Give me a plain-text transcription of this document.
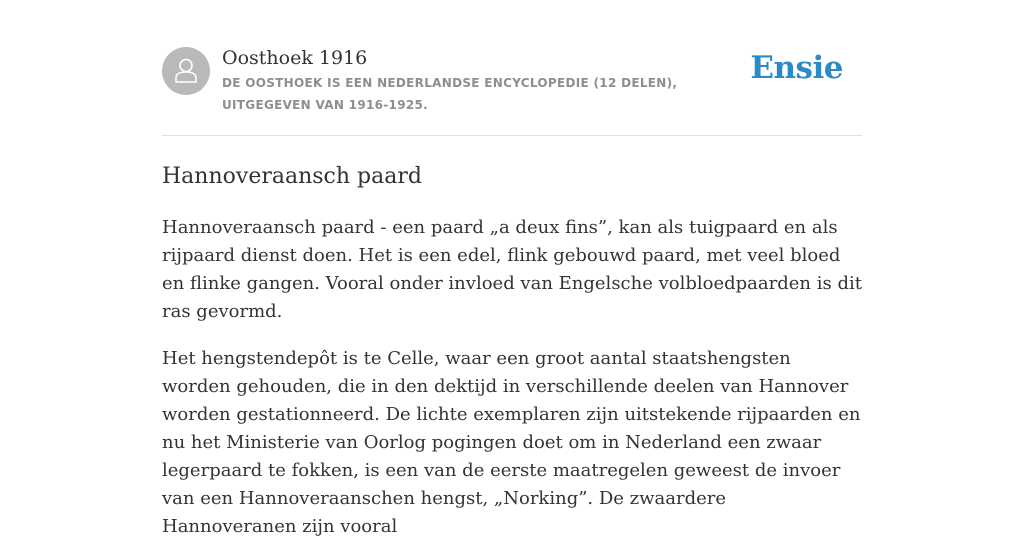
Oosthoek 1916

DE OOSTHOEK IS EEN NEDERLANDSE ENCYCLOPEDIE (12 DELEN), UITGEGEVEN VAN 1916-1925.

Ensie
Hannoveraansch paard

Hannoveraansch paard - een paard „a deux fins”, kan als tuigpaard en als rijpaard dienst doen. Het is een edel, flink gebouwd paard, met veel bloed en flinke gangen. Vooral onder invloed van Engelsche volbloedpaarden is dit ras gevormd.

Het hengstendepôt is te Celle, waar een groot aantal staatshengsten worden gehouden, die in den dektijd in verschillende deelen van Hannover worden gestationneerd. De lichte exemplaren zijn uitstekende rijpaarden en nu het Ministerie van Oorlog pogingen doet om in Nederland een zwaar legerpaard te fokken, is een van de eerste maatregelen geweest de invoer van een Hannoveraanschen hengst, „Norking”. De zwaardere Hannoveranen zijn vooral
